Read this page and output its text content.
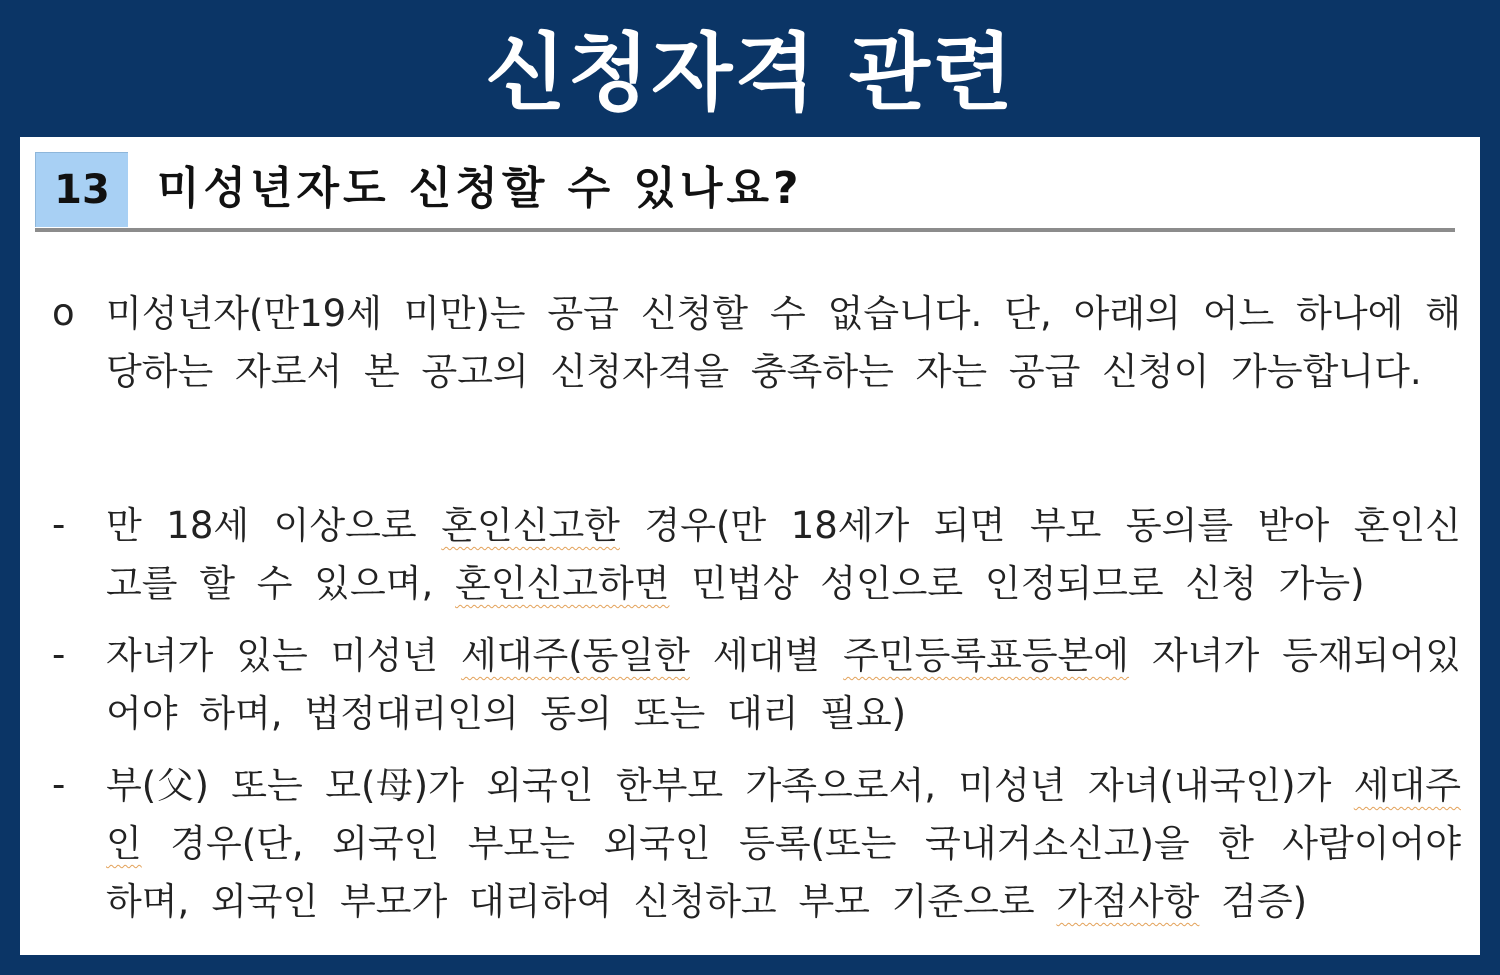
신청자격 관련
13	미성년자도 신청할 수 있나요?
o 미성년자(만19세 미만)는 공급 신청할 수 없습니다. 단, 아래의 어느 하나에 해당하는 자로서 본 공고의 신청자격을 충족하는 자는 공급 신청이 가능합니다.
-	만 18세 이상으로 혼인신고한 경우(만 18세가 되면 부모 동의를 받아 혼인신고를 할 수 있으며, 혼인신고하면 민법상 성인으로 인정되므로 신청 가능)
-	자녀가 있는 미성년 세대주(동일한 세대별 주민등록표등본에 자녀가 등재되어있어야 하며, 법정대리인의 동의 또는 대리 필요)
-	부(父) 또는 모(母)가 외국인 한부모 가족으로서, 미성년 자녀(내국인)가 세대주인 경우(단, 외국인 부모는 외국인 등록(또는 국내거소신고)을 한 사람이어야 하며, 외국인 부모가 대리하여 신청하고 부모 기준으로 가점사항 검증)
